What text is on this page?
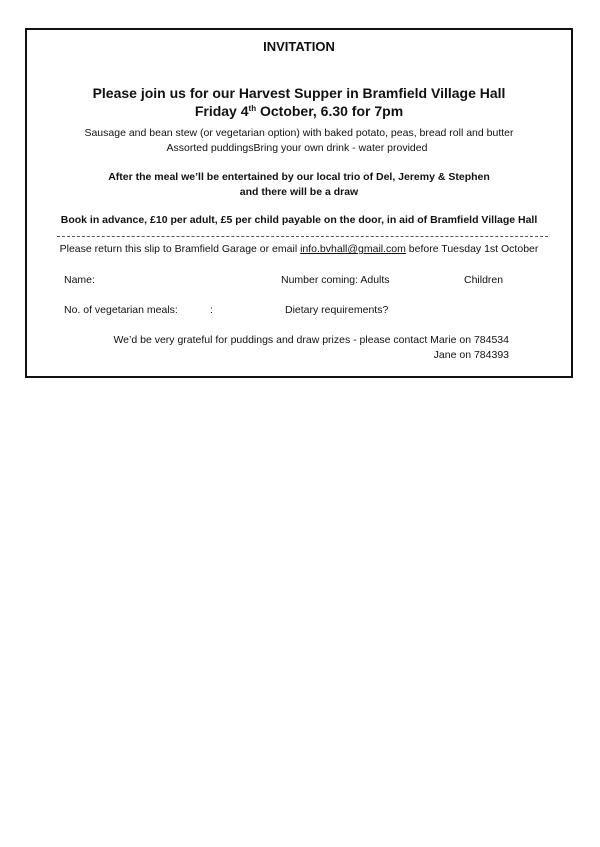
INVITATION
Please join us for our Harvest Supper in Bramfield Village Hall
Friday 4th October, 6.30 for 7pm
Sausage and bean stew (or vegetarian option) with baked potato, peas, bread roll and butter
Assorted puddingsBring your own drink - water provided
After the meal we’ll be entertained by our local trio of Del, Jeremy & Stephen
and there will be a draw
Book in advance, £10 per adult, £5 per child payable on the door, in aid of Bramfield Village Hall
Please return this slip to Bramfield Garage or email info.bvhall@gmail.com before Tuesday 1st October
Name:	Number coming: Adults	Children
No. of vegetarian meals:	:	Dietary requirements?
We’d be very grateful for puddings and draw prizes - please contact Marie on 784534
Jane on 784393
